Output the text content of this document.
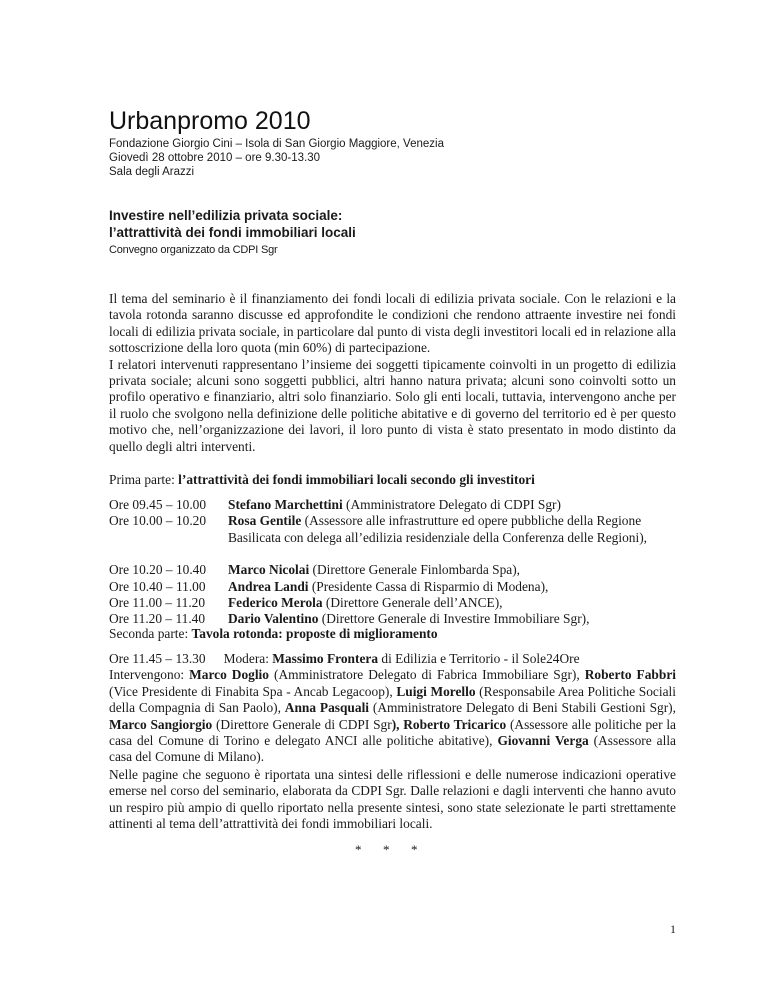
Urbanpromo 2010
Fondazione Giorgio Cini – Isola di San Giorgio Maggiore, Venezia
Giovedì 28 ottobre 2010 – ore 9.30-13.30
Sala degli Arazzi
Investire nell’edilizia privata sociale:
l’attrattività dei fondi immobiliari locali
Convegno organizzato da CDPI Sgr

Il tema del seminario è il finanziamento dei fondi locali di edilizia privata sociale. Con le relazioni e la tavola rotonda saranno discusse ed approfondite le condizioni che rendono attraente investire nei fondi locali di edilizia privata sociale, in particolare dal punto di vista degli investitori locali ed in relazione alla sottoscrizione della loro quota (min 60%) di partecipazione.

I relatori intervenuti rappresentano l’insieme dei soggetti tipicamente coinvolti in un progetto di edilizia privata sociale; alcuni sono soggetti pubblici, altri hanno natura privata; alcuni sono coinvolti sotto un profilo operativo e finanziario, altri solo finanziario. Solo gli enti locali, tuttavia, intervengono anche per il ruolo che svolgono nella definizione delle politiche abitative e di governo del territorio ed è per questo motivo che, nell’organizzazione dei lavori, il loro punto di vista è stato presentato in modo distinto da quello degli altri interventi.

Prima parte: l’attrattività dei fondi immobiliari locali secondo gli investitori
Ore 09.45 – 10.00	Stefano Marchettini (Amministratore Delegato di CDPI Sgr)
Ore 10.00 – 10.20	Rosa Gentile (Assessore alle infrastrutture ed opere pubbliche della Regione Basilicata con delega all’edilizia residenziale della Conferenza delle Regioni),
Ore 10.20 – 10.40	Marco Nicolai (Direttore Generale Finlombarda Spa),
Ore 10.40 – 11.00	Andrea Landi (Presidente Cassa di Risparmio di Modena),
Ore 11.00 – 11.20	Federico Merola (Direttore Generale dell’ANCE),
Ore 11.20 – 11.40	Dario Valentino (Direttore Generale di Investire Immobiliare Sgr),
Seconda parte: Tavola rotonda: proposte di miglioramento

Ore 11.45 – 13.30 Modera: Massimo Frontera di Edilizia e Territorio - il Sole24Ore

Intervengono: Marco Doglio (Amministratore Delegato di Fabrica Immobiliare Sgr), Roberto Fabbri (Vice Presidente di Finabita Spa - Ancab Legacoop), Luigi Morello (Responsabile Area Politiche Sociali della Compagnia di San Paolo), Anna Pasquali (Amministratore Delegato di Beni Stabili Gestioni Sgr), Marco Sangiorgio (Direttore Generale di CDPI Sgr), Roberto Tricarico (Assessore alle politiche per la casa del Comune di Torino e delegato ANCI alle politiche abitative), Giovanni Verga (Assessore alla casa del Comune di Milano).

Nelle pagine che seguono è riportata una sintesi delle riflessioni e delle numerose indicazioni operative emerse nel corso del seminario, elaborata da CDPI Sgr. Dalle relazioni e dagli interventi che hanno avuto un respiro più ampio di quello riportato nella presente sintesi, sono state selezionate le parti strettamente attinenti al tema dell’attrattività dei fondi immobiliari locali.

* * *
1
